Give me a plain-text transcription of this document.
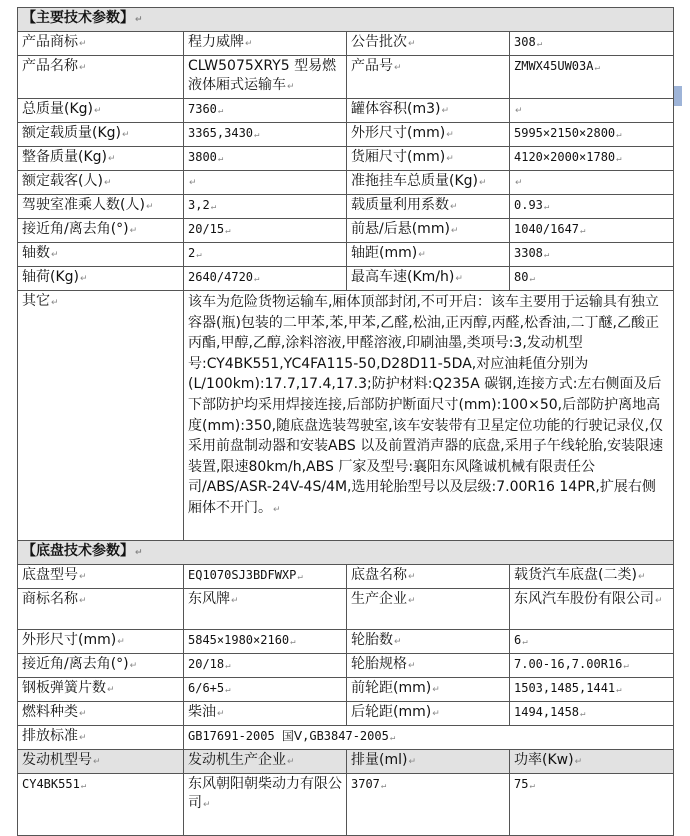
【主要技术参数】↵			
产品商标↵	程力威牌↵	公告批次↵	308↵
产品名称↵	CLW5075XRY5 型易燃液体厢式运输车↵	产品号↵	ZMWX45UW03A↵
总质量(Kg)↵	7360↵	罐体容积(m3)↵	↵
额定载质量(Kg)↵	3365,3430↵	外形尺寸(mm)↵	5995×2150×2800↵
整备质量(Kg)↵	3800↵	货厢尺寸(mm)↵	4120×2000×1780↵
额定载客(人)↵	↵	准拖挂车总质量(Kg)↵	↵
驾驶室准乘人数(人)↵	3,2↵	载质量利用系数↵	0.93↵
接近角/离去角(°)↵	20/15↵	前悬/后悬(mm)↵	1040/1647↵
轴数↵	2↵	轴距(mm)↵	3308↵
轴荷(Kg)↵	2640/4720↵	最高车速(Km/h)↵	80↵
其它↵	该车为危险货物运输车,厢体顶部封闭,不可开启：该车主要用于运输具有独立容器(瓶)包装的二甲苯,苯,甲苯,乙醛,松油,正丙醇,丙醛,松香油,二丁醚,乙酸正丙酯,甲醇,乙醇,涂料溶液,甲醛溶液,印刷油墨,类项号:3,发动机型号:CY4BK551,YC4FA115-50,D28D11-5DA,对应油耗值分别为(L/100km):17.7,17.4,17.3;防护材料:Q235A 碳钢,连接方式:左右侧面及后下部防护均采用焊接连接,后部防护断面尺寸(mm):100×50,后部防护离地高度(mm):350,随底盘选装驾驶室,该车安装带有卫星定位功能的行驶记录仪,仅采用前盘制动器和安装ABS 以及前置消声器的底盘,采用子午线轮胎,安装限速装置,限速80km/h,ABS 厂家及型号:襄阳东风隆诚机械有限责任公司/ABS/ASR-24V-4S/4M,选用轮胎型号以及层级:7.00R16 14PR,扩展右侧厢体不开门。↵		
【底盘技术参数】↵			
底盘型号↵	EQ1070SJ3BDFWXP↵	底盘名称↵	载货汽车底盘(二类)↵
商标名称↵	东风牌↵	生产企业↵	东风汽车股份有限公司↵
外形尺寸(mm)↵	5845×1980×2160↵	轮胎数↵	6↵
接近角/离去角(°)↵	20/18↵	轮胎规格↵	7.00-16,7.00R16↵
钢板弹簧片数↵	6/6+5↵	前轮距(mm)↵	1503,1485,1441↵
燃料种类↵	柴油↵	后轮距(mm)↵	1494,1458↵
排放标准↵	GB17691-2005 国Ⅴ,GB3847-2005↵		
发动机型号↵	发动机生产企业↵	排量(ml)↵	功率(Kw)↵
CY4BK551↵	东风朝阳朝柴动力有限公司↵	3707↵	75↵
